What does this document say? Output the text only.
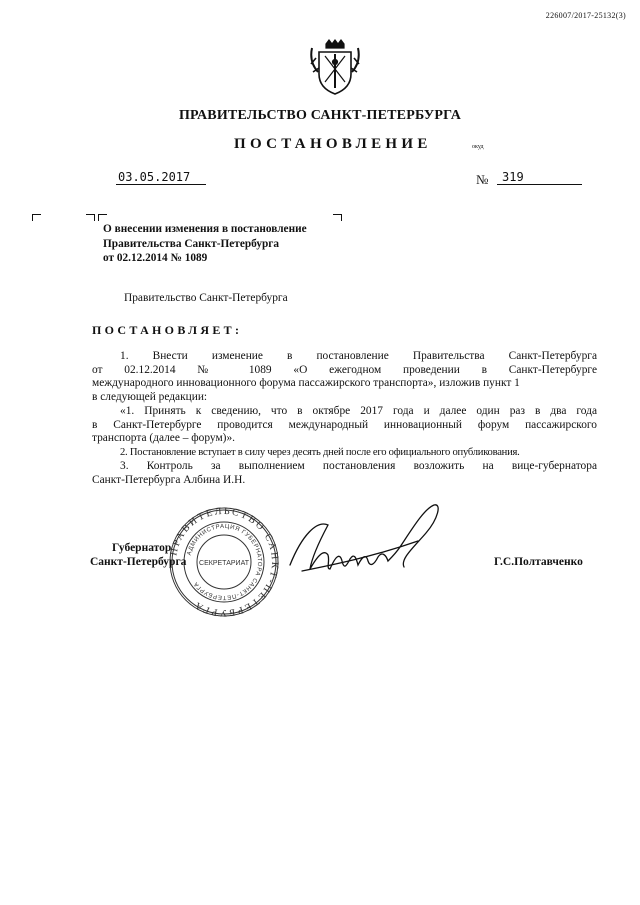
226007/2017-25132(3)
ПРАВИТЕЛЬСТВО САНКТ-ПЕТЕРБУРГА
ПОСТАНОВЛЕНИЕ	окуд
03.05.2017	№	319
О внесении изменения в постановление
Правительства Санкт-Петербурга
от 02.12.2014 № 1089
Правительство Санкт-Петербурга
ПОСТАНОВЛЯЕТ:
1. Внести изменение в постановление Правительства Санкт-Петербурга
от 02.12.2014 № 1089 «О ежегодном проведении в Санкт-Петербурге
международного инновационного форума пассажирского транспорта», изложив пункт 1
в следующей редакции:
«1. Принять к сведению, что в октябре 2017 года и далее один раз в два года
в Санкт-Петербурге проводится международный инновационный форум пассажирского
транспорта (далее – форум)».
2. Постановление вступает в силу через десять дней после его официального опубликования.
3. Контроль за выполнением постановления возложить на вице-губернатора
Санкт-Петербурга Албина И.Н.
ПРАВИТЕЛЬСТВО САНКТ-ПЕТЕРБУРГА
АДМИНИСТРАЦИЯ ГУБЕРНАТОРА САНКТ-ПЕТЕРБУРГА
СЕКРЕТАРИАТ
Губернатор
Санкт-Петербурга	Г.С.Полтавченко
